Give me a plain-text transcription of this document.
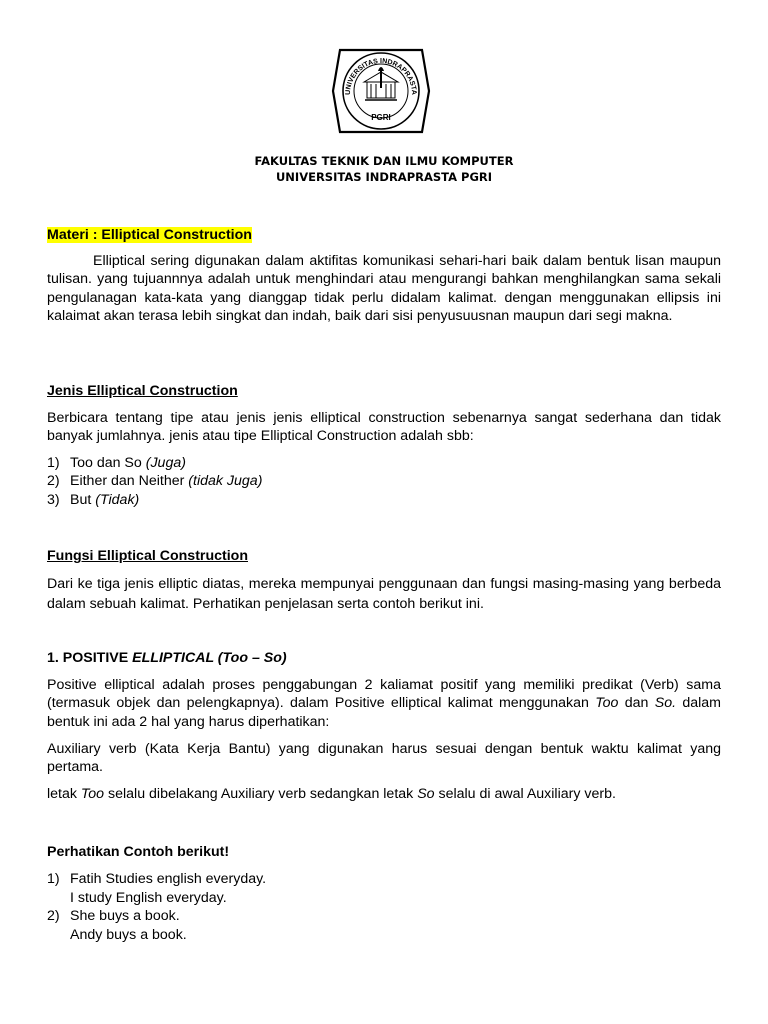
UNIVERSITAS INDRAPRASTA
PGRI
FAKULTAS TEKNIK DAN ILMU KOMPUTER
UNIVERSITAS INDRAPRASTA PGRI
Materi : Elliptical Construction

Elliptical sering digunakan dalam aktifitas komunikasi sehari-hari baik dalam bentuk lisan maupun tulisan. yang tujuannnya adalah untuk menghindari atau mengurangi bahkan menghilangkan sama sekali pengulanagan kata-kata yang dianggap tidak perlu didalam kalimat. dengan menggunakan ellipsis ini kalaimat akan terasa lebih singkat dan indah, baik dari sisi penyusuusnan maupun dari segi makna.

Jenis Elliptical Construction

Berbicara tentang tipe atau jenis jenis elliptical construction sebenarnya sangat sederhana dan tidak banyak jumlahnya. jenis atau tipe Elliptical Construction adalah sbb:

1) Too dan So (Juga)
2) Either dan Neither (tidak Juga)
3) But (Tidak)
Fungsi Elliptical Construction

Dari ke tiga jenis elliptic diatas, mereka mempunyai penggunaan dan fungsi masing-masing yang berbeda dalam sebuah kalimat. Perhatikan penjelasan serta contoh berikut ini.

1. POSITIVE ELLIPTICAL (Too – So)

Positive elliptical adalah proses penggabungan 2 kaliamat positif yang memiliki predikat (Verb) sama (termasuk objek dan pelengkapnya). dalam Positive elliptical kalimat menggunakan Too dan So. dalam bentuk ini ada 2 hal yang harus diperhatikan:

Auxiliary verb (Kata Kerja Bantu) yang digunakan harus sesuai dengan bentuk waktu kalimat yang pertama.

letak Too selalu dibelakang Auxiliary verb sedangkan letak So selalu di awal Auxiliary verb.

Perhatikan Contoh berikut!
1) Fatih Studies english everyday.
I study English everyday.
2) She buys a book.
Andy buys a book.
